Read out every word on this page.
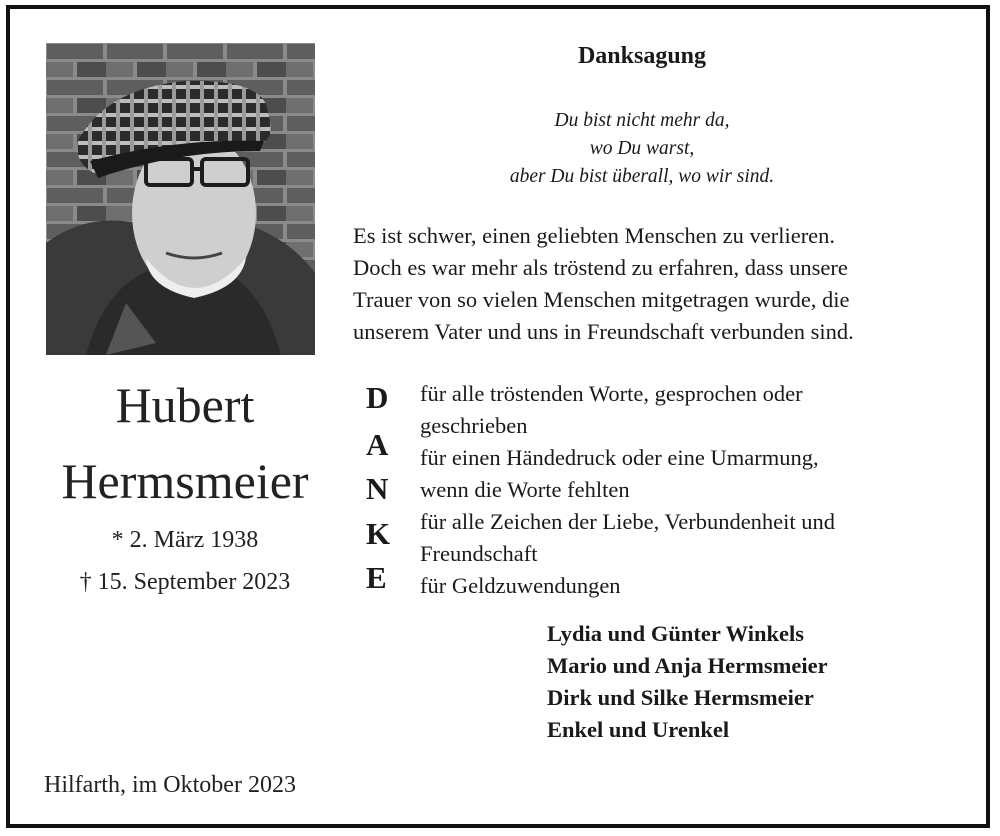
Hubert
Hermsmeier
* 2. März 1938
† 15. September 2023
Danksagung
Du bist nicht mehr da,
wo Du warst,
aber Du bist überall, wo wir sind.
Es ist schwer, einen geliebten Menschen zu verlieren.
Doch es war mehr als tröstend zu erfahren, dass unsere
Trauer von so vielen Menschen mitgetragen wurde, die
unserem Vater und uns in Freundschaft verbunden sind.
D
A
N
K
E
für alle tröstenden Worte, gesprochen oder
geschrieben
für einen Händedruck oder eine Umarmung,
wenn die Worte fehlten
für alle Zeichen der Liebe, Verbundenheit und
Freundschaft
für Geldzuwendungen
Lydia und Günter Winkels
Mario und Anja Hermsmeier
Dirk und Silke Hermsmeier
Enkel und Urenkel
Hilfarth, im Oktober 2023
